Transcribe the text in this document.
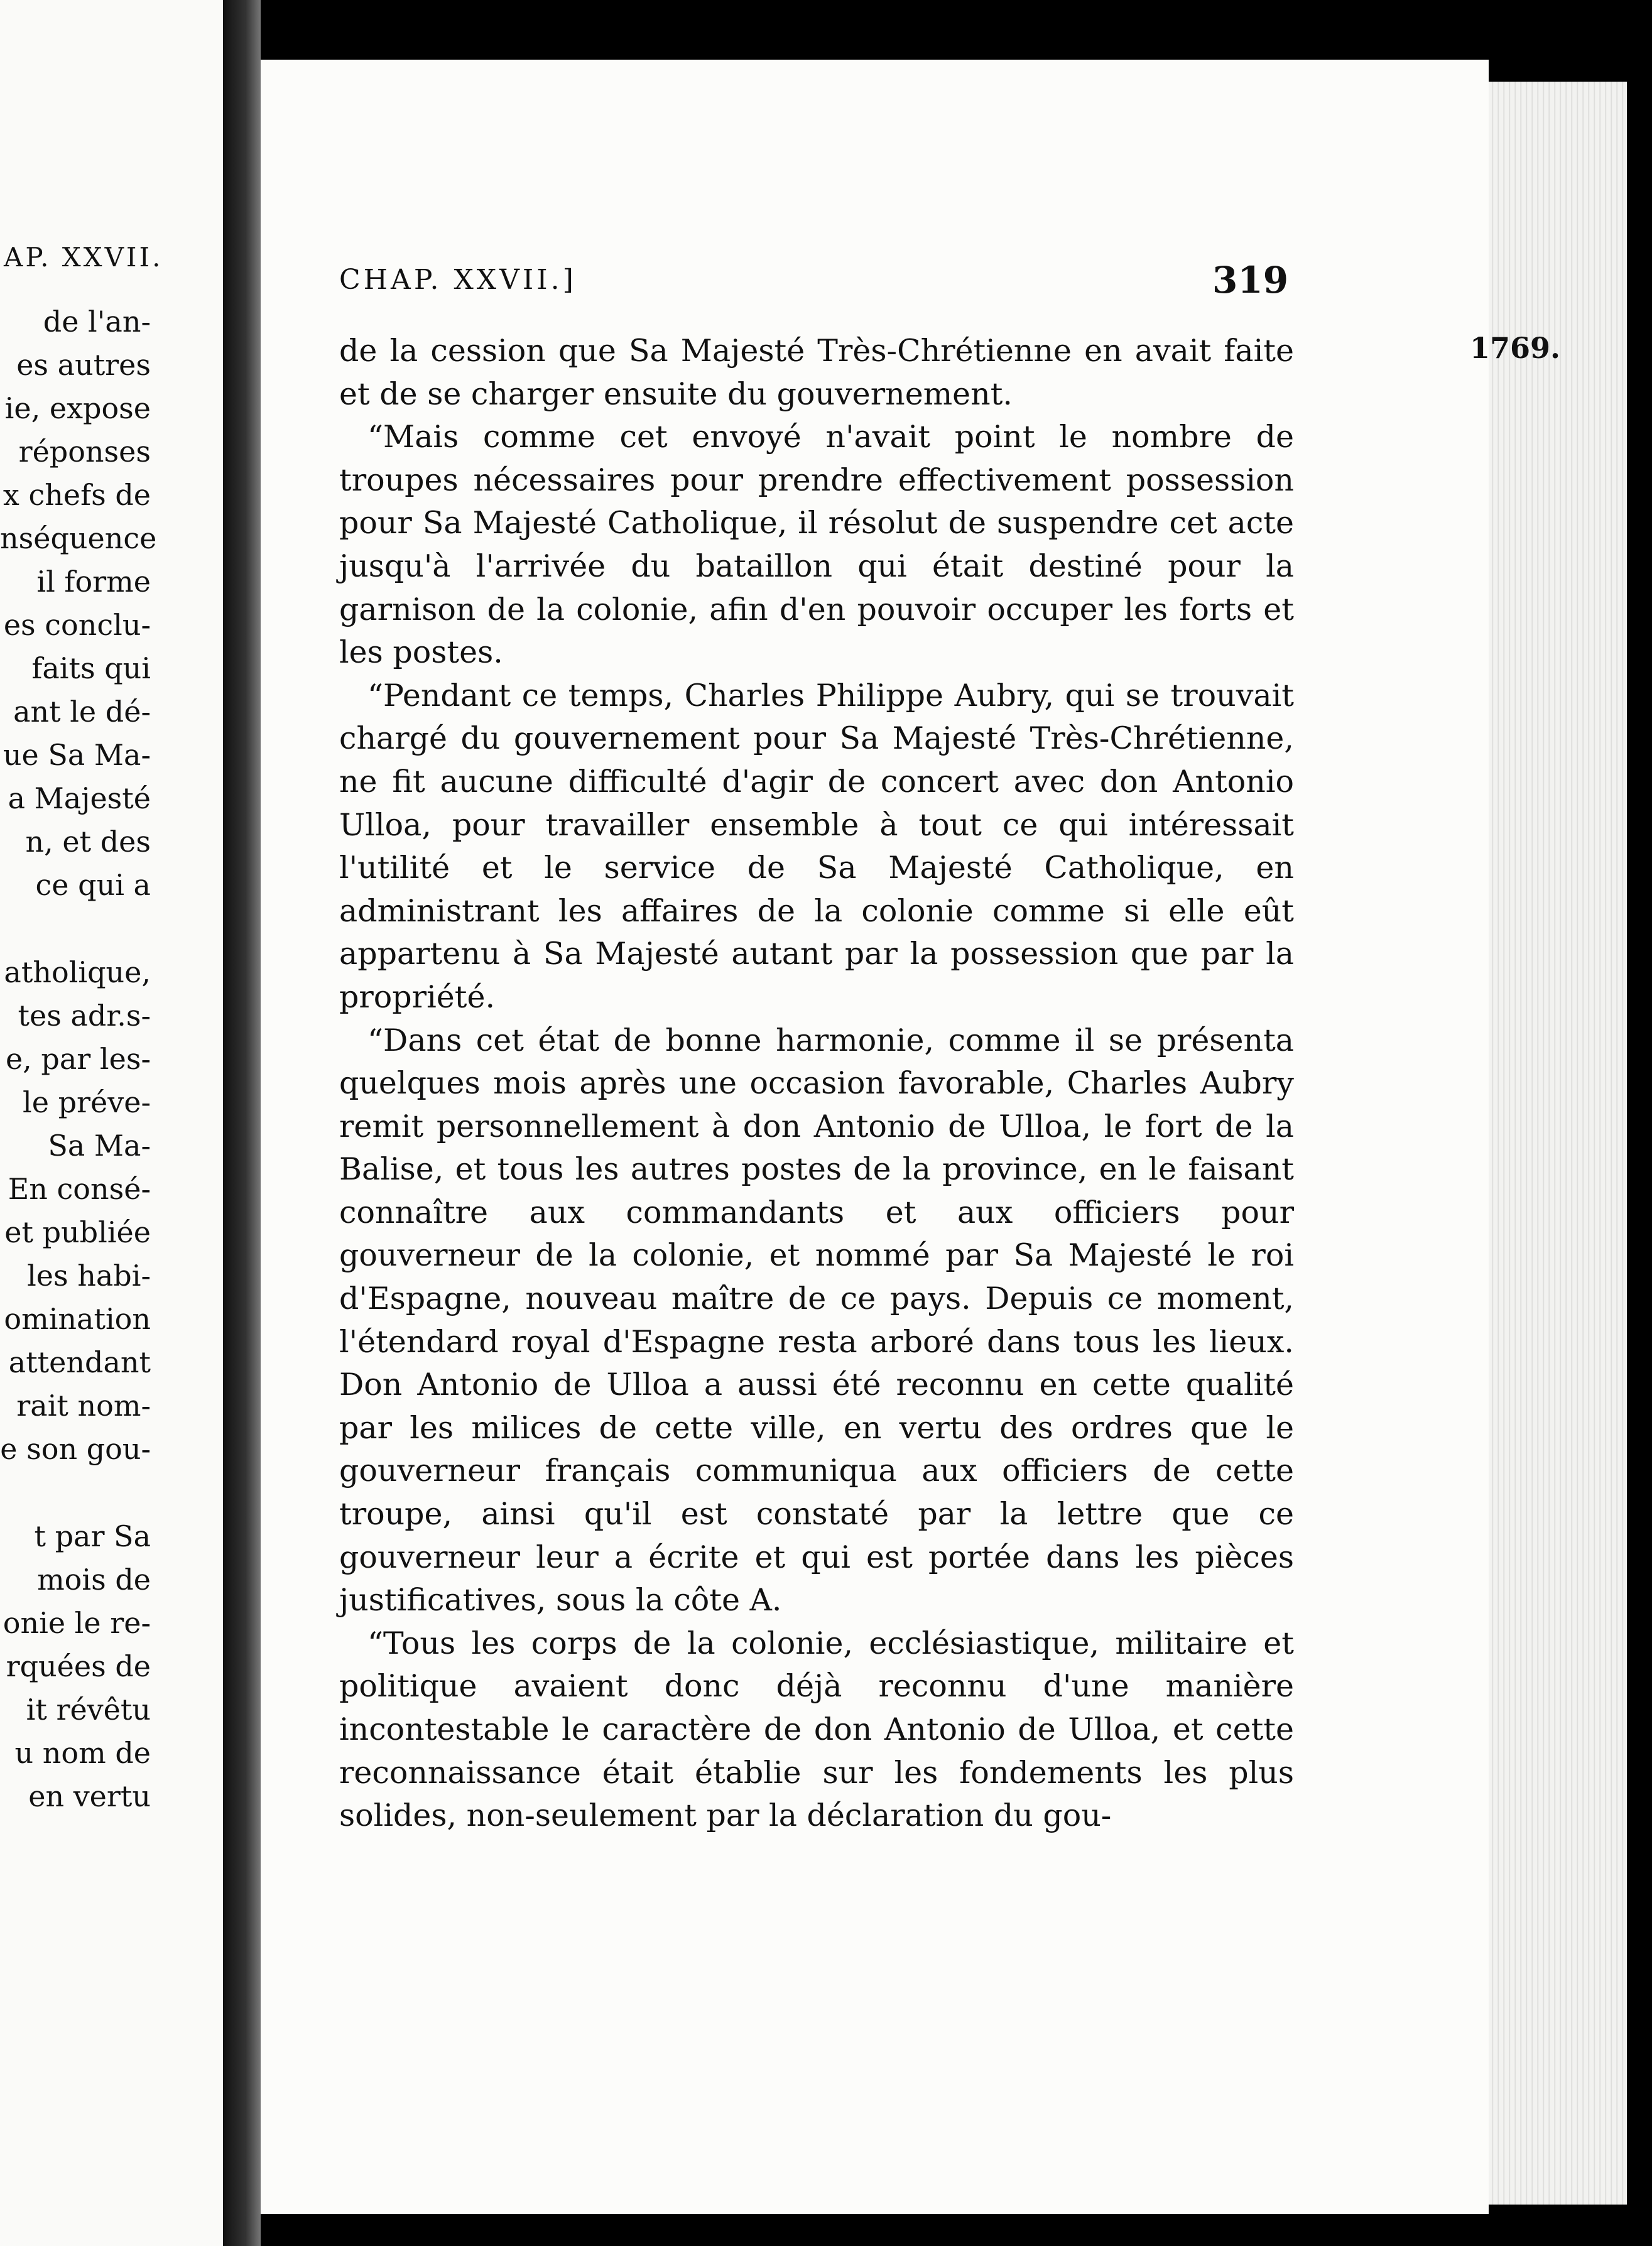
AP. XXVII.
de l'an-
es autres
ie, expose
réponses
x chefs de
nséquence
il forme
es conclu-
faits qui
ant le dé-
ue Sa Ma-
a Majesté
n, et des
ce qui a
atholique,
tes adr.s-
e, par les-
le préve-
Sa Ma-
En consé-
et publiée
les habi-
omination
attendant
rait nom-
e son gou-
t par Sa
mois de
onie le re-
rquées de
it révêtu
u nom de
en vertu
CHAP. XXVII.]	319
1769.

de la cession que Sa Majesté Très-Chrétienne en avait faite et de se charger ensuite du gouvernement.

“Mais comme cet envoyé n'avait point le nombre de troupes nécessaires pour prendre effectivement possession pour Sa Majesté Catholique, il résolut de suspendre cet acte jusqu'à l'arrivée du bataillon qui était destiné pour la garnison de la colonie, afin d'en pouvoir occuper les forts et les postes.

“Pendant ce temps, Charles Philippe Aubry, qui se trouvait chargé du gouvernement pour Sa Majesté Très-Chrétienne, ne fit aucune difficulté d'agir de concert avec don Antonio Ulloa, pour travailler ensemble à tout ce qui intéressait l'utilité et le service de Sa Majesté Catholique, en administrant les affaires de la colonie comme si elle eût appartenu à Sa Majesté autant par la possession que par la propriété.

“Dans cet état de bonne harmonie, comme il se présenta quelques mois après une occasion favorable, Charles Aubry remit personnellement à don Antonio de Ulloa, le fort de la Balise, et tous les autres postes de la province, en le faisant connaître aux commandants et aux officiers pour gouverneur de la colonie, et nommé par Sa Majesté le roi d'Espagne, nouveau maître de ce pays. Depuis ce moment, l'étendard royal d'Espagne resta arboré dans tous les lieux. Don Antonio de Ulloa a aussi été reconnu en cette qualité par les milices de cette ville, en vertu des ordres que le gouverneur français communiqua aux officiers de cette troupe, ainsi qu'il est constaté par la lettre que ce gouverneur leur a écrite et qui est portée dans les pièces justificatives, sous la côte A.

“Tous les corps de la colonie, ecclésiastique, militaire et politique avaient donc déjà reconnu d'une manière incontestable le caractère de don Antonio de Ulloa, et cette reconnaissance était établie sur les fondements les plus solides, non-seulement par la déclaration du gou-
